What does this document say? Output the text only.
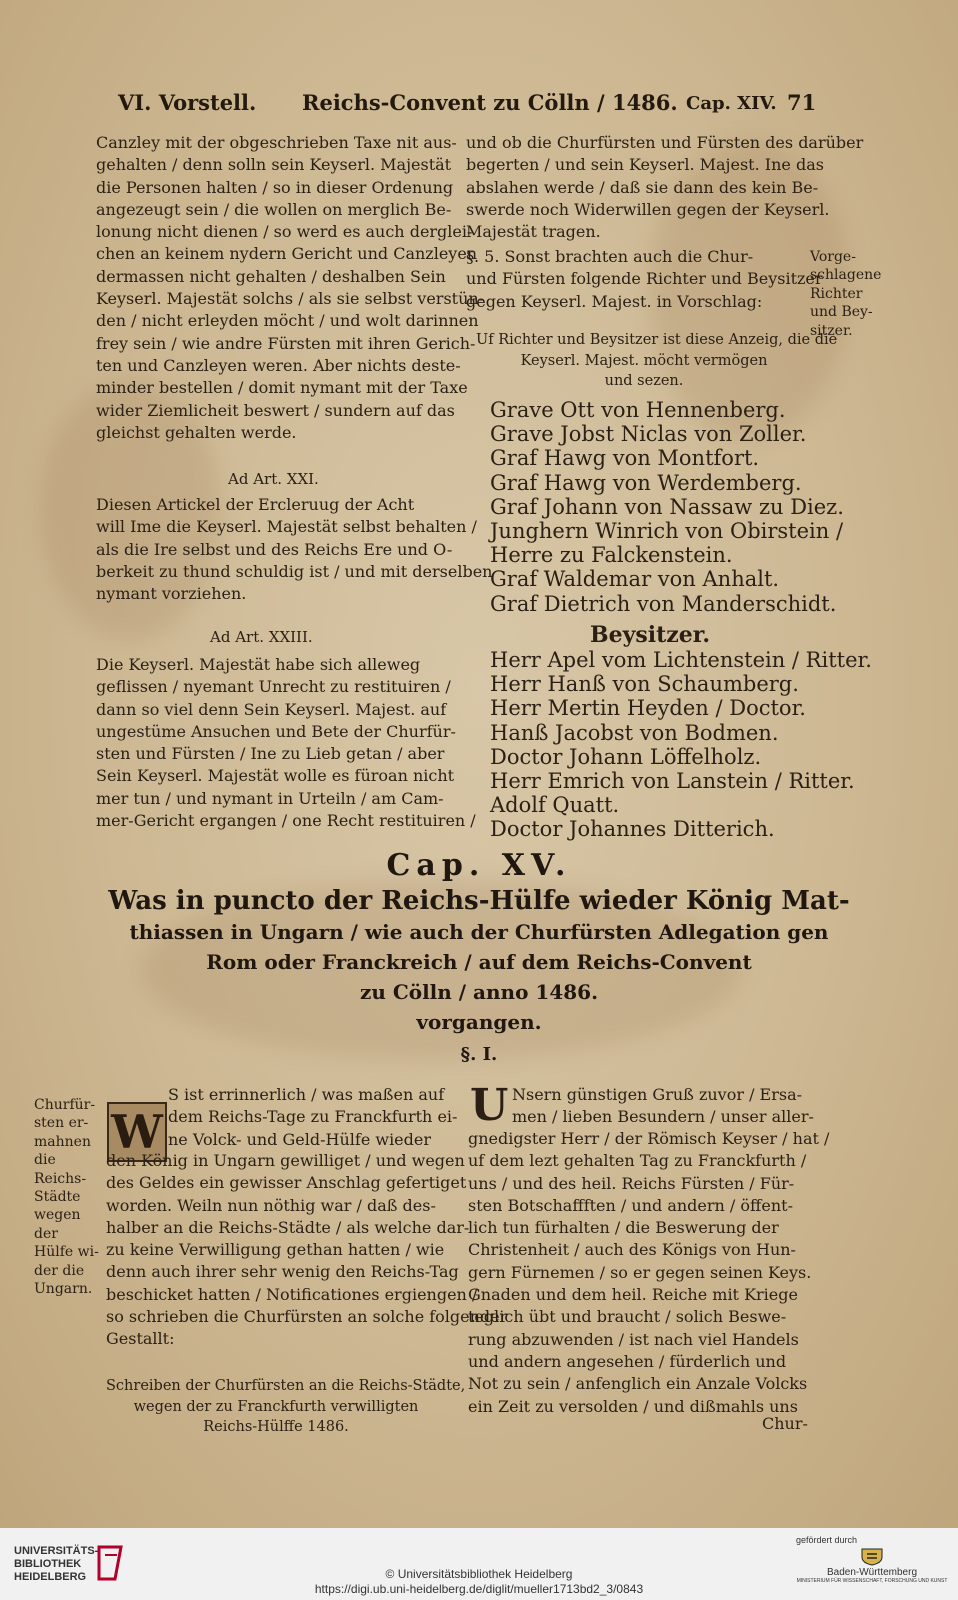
VI. Vorstell. Reichs-Convent zu Cölln / 1486. Cap. XIV. 71
Canzley mit der obgeschrieben Taxe nit aus-
gehalten / denn solln sein Keyserl. Majestät
die Personen halten / so in dieser Ordenung
angezeugt sein / die wollen on merglich Be-
lonung nicht dienen / so werd es auch derglei-
chen an keinem nydern Gericht und Canzleyen
dermassen nicht gehalten / deshalben Sein
Keyserl. Majestät solchs / als sie selbst verstün-
den / nicht erleyden möcht / und wolt darinnen
frey sein / wie andre Fürsten mit ihren Gerich-
ten und Canzleyen weren. Aber nichts deste-
minder bestellen / domit nymant mit der Taxe
wider Ziemlicheit beswert / sundern auf das
gleichst gehalten werde.
Ad Art. XXI.
Diesen Artickel der Ercleruug der Acht
will Ime die Keyserl. Majestät selbst behalten /
als die Ire selbst und des Reichs Ere und O-
berkeit zu thund schuldig ist / und mit derselben
nymant vorziehen.
Ad Art. XXIII.
Die Keyserl. Majestät habe sich alleweg
geflissen / nyemant Unrecht zu restituiren /
dann so viel denn Sein Keyserl. Majest. auf
ungestüme Ansuchen und Bete der Churfür-
sten und Fürsten / Ine zu Lieb getan / aber
Sein Keyserl. Majestät wolle es füroan nicht
mer tun / und nymant in Urteiln / am Cam-
mer-Gericht ergangen / one Recht restituiren /
und ob die Churfürsten und Fürsten des darüber
begerten / und sein Keyserl. Majest. Ine das
abslahen werde / daß sie dann des kein Be-
swerde noch Widerwillen gegen der Keyserl.
Majestät tragen.
§. 5. Sonst brachten auch die Chur-
und Fürsten folgende Richter und Beysitzer
gegen Keyserl. Majest. in Vorschlag:
Vorge-
schlagene
Richter
und Bey-
sitzer.
Uf Richter und Beysitzer ist diese Anzeig, die die
Keyserl. Majest. möcht vermögen
und sezen.
Grave Ott von Hennenberg.
Grave Jobst Niclas von Zoller.
Graf Hawg von Montfort.
Graf Hawg von Werdemberg.
Graf Johann von Nassaw zu Diez.
Junghern Winrich von Obirstein /
Herre zu Falckenstein.
Graf Waldemar von Anhalt.
Graf Dietrich von Manderschidt.
Beysitzer.
Herr Apel vom Lichtenstein / Ritter.
Herr Hanß von Schaumberg.
Herr Mertin Heyden / Doctor.
Hanß Jacobst von Bodmen.
Doctor Johann Löffelholz.
Herr Emrich von Lanstein / Ritter.
Adolf Quatt.
Doctor Johannes Ditterich.
Cap. XV.
Was in puncto der Reichs-Hülfe wieder König Mat-
thiassen in Ungarn / wie auch der Churfürsten Adlegation gen
Rom oder Franckreich / auf dem Reichs-Convent
zu Cölln / anno 1486.
vorgangen.
§. I.
Churfür-
sten er-
mahnen
die
Reichs-
Städte
wegen der
Hülfe wi-
der die
Ungarn.
W
S ist errinnerlich / was maßen auf
dem Reichs-Tage zu Franckfurth ei-
ne Volck- und Geld-Hülfe wieder
den König in Ungarn gewilliget / und wegen
des Geldes ein gewisser Anschlag gefertiget
worden. Weiln nun nöthig war / daß des-
halber an die Reichs-Städte / als welche dar-
zu keine Verwilligung gethan hatten / wie
denn auch ihrer sehr wenig den Reichs-Tag
beschicket hatten / Notificationes ergiengen /
so schrieben die Churfürsten an solche folgender
Gestallt:
Schreiben der Churfürsten an die Reichs-Städte,
wegen der zu Franckfurth verwilligten
Reichs-Hülffe 1486.
U Nsern günstigen Gruß zuvor / Ersa-
men / lieben Besundern / unser aller-
gnedigster Herr / der Römisch Keyser / hat /
uf dem lezt gehalten Tag zu Franckfurth /
uns / und des heil. Reichs Fürsten / Für-
sten Botschaffften / und andern / öffent-
lich tun fürhalten / die Beswerung der
Christenheit / auch des Königs von Hun-
gern Fürnemen / so er gegen seinen Keys.
Gnaden und dem heil. Reiche mit Kriege
teglich übt und braucht / solich Beswe-
rung abzuwenden / ist nach viel Handels
und andern angesehen / fürderlich und
Not zu sein / anfenglich ein Anzale Volcks
ein Zeit zu versolden / und dißmahls uns
Chur-
UNIVERSITÄTS-
BIBLIOTHEK
HEIDELBERG	© Universitätsbibliothek Heidelberg
https://digi.ub.uni-heidelberg.de/diglit/mueller1713bd2_3/0843
gefördert durch
Baden-Württemberg
MINISTERIUM FÜR WISSENSCHAFT, FORSCHUNG UND KUNST
